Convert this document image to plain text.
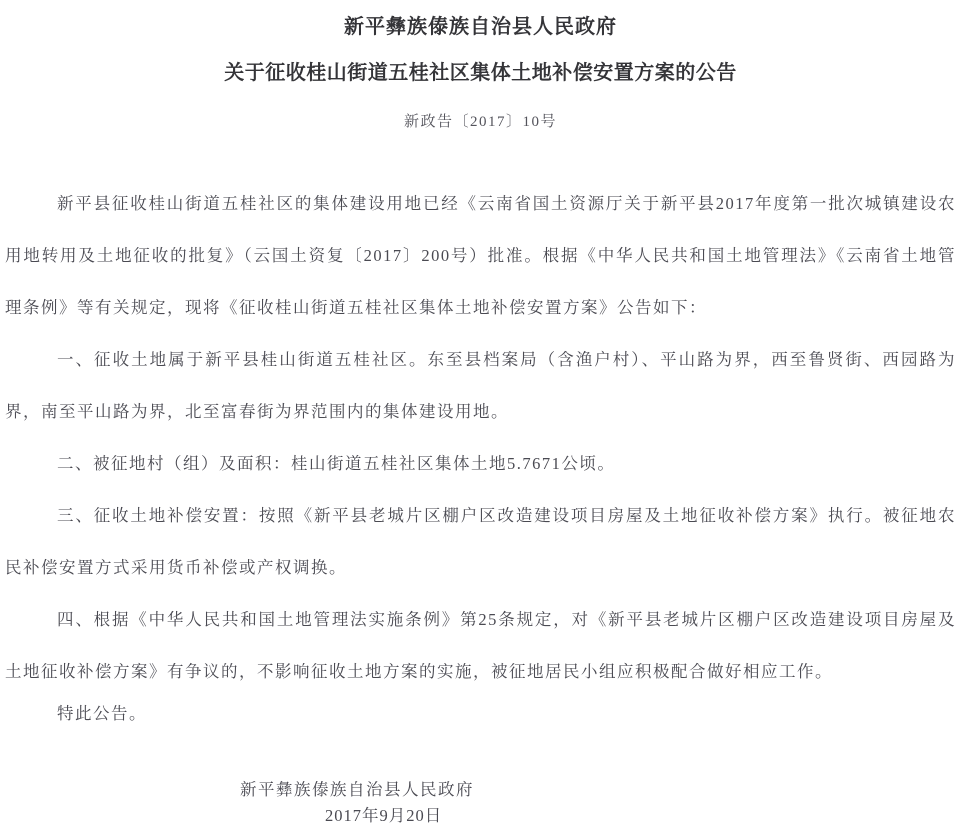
新平彝族傣族自治县人民政府
关于征收桂山街道五桂社区集体土地补偿安置方案的公告
新政告〔2017〕10号

新平县征收桂山街道五桂社区的集体建设用地已经《云南省国土资源厅关于新平县2017年度第一批次城镇建设农用地转用及土地征收的批复》（云国土资复〔2017〕200号）批准。根据《中华人民共和国土地管理法》《云南省土地管理条例》等有关规定，现将《征收桂山街道五桂社区集体土地补偿安置方案》公告如下：

一、征收土地属于新平县桂山街道五桂社区。东至县档案局（含渔户村）、平山路为界，西至鲁贤街、西园路为界，南至平山路为界，北至富春街为界范围内的集体建设用地。

二、被征地村（组）及面积：桂山街道五桂社区集体土地5.7671公顷。

三、征收土地补偿安置：按照《新平县老城片区棚户区改造建设项目房屋及土地征收补偿方案》执行。被征地农民补偿安置方式采用货币补偿或产权调换。

四、根据《中华人民共和国土地管理法实施条例》第25条规定，对《新平县老城片区棚户区改造建设项目房屋及土地征收补偿方案》有争议的，不影响征收土地方案的实施，被征地居民小组应积极配合做好相应工作。

特此公告。

新平彝族傣族自治县人民政府
2017年9月20日
